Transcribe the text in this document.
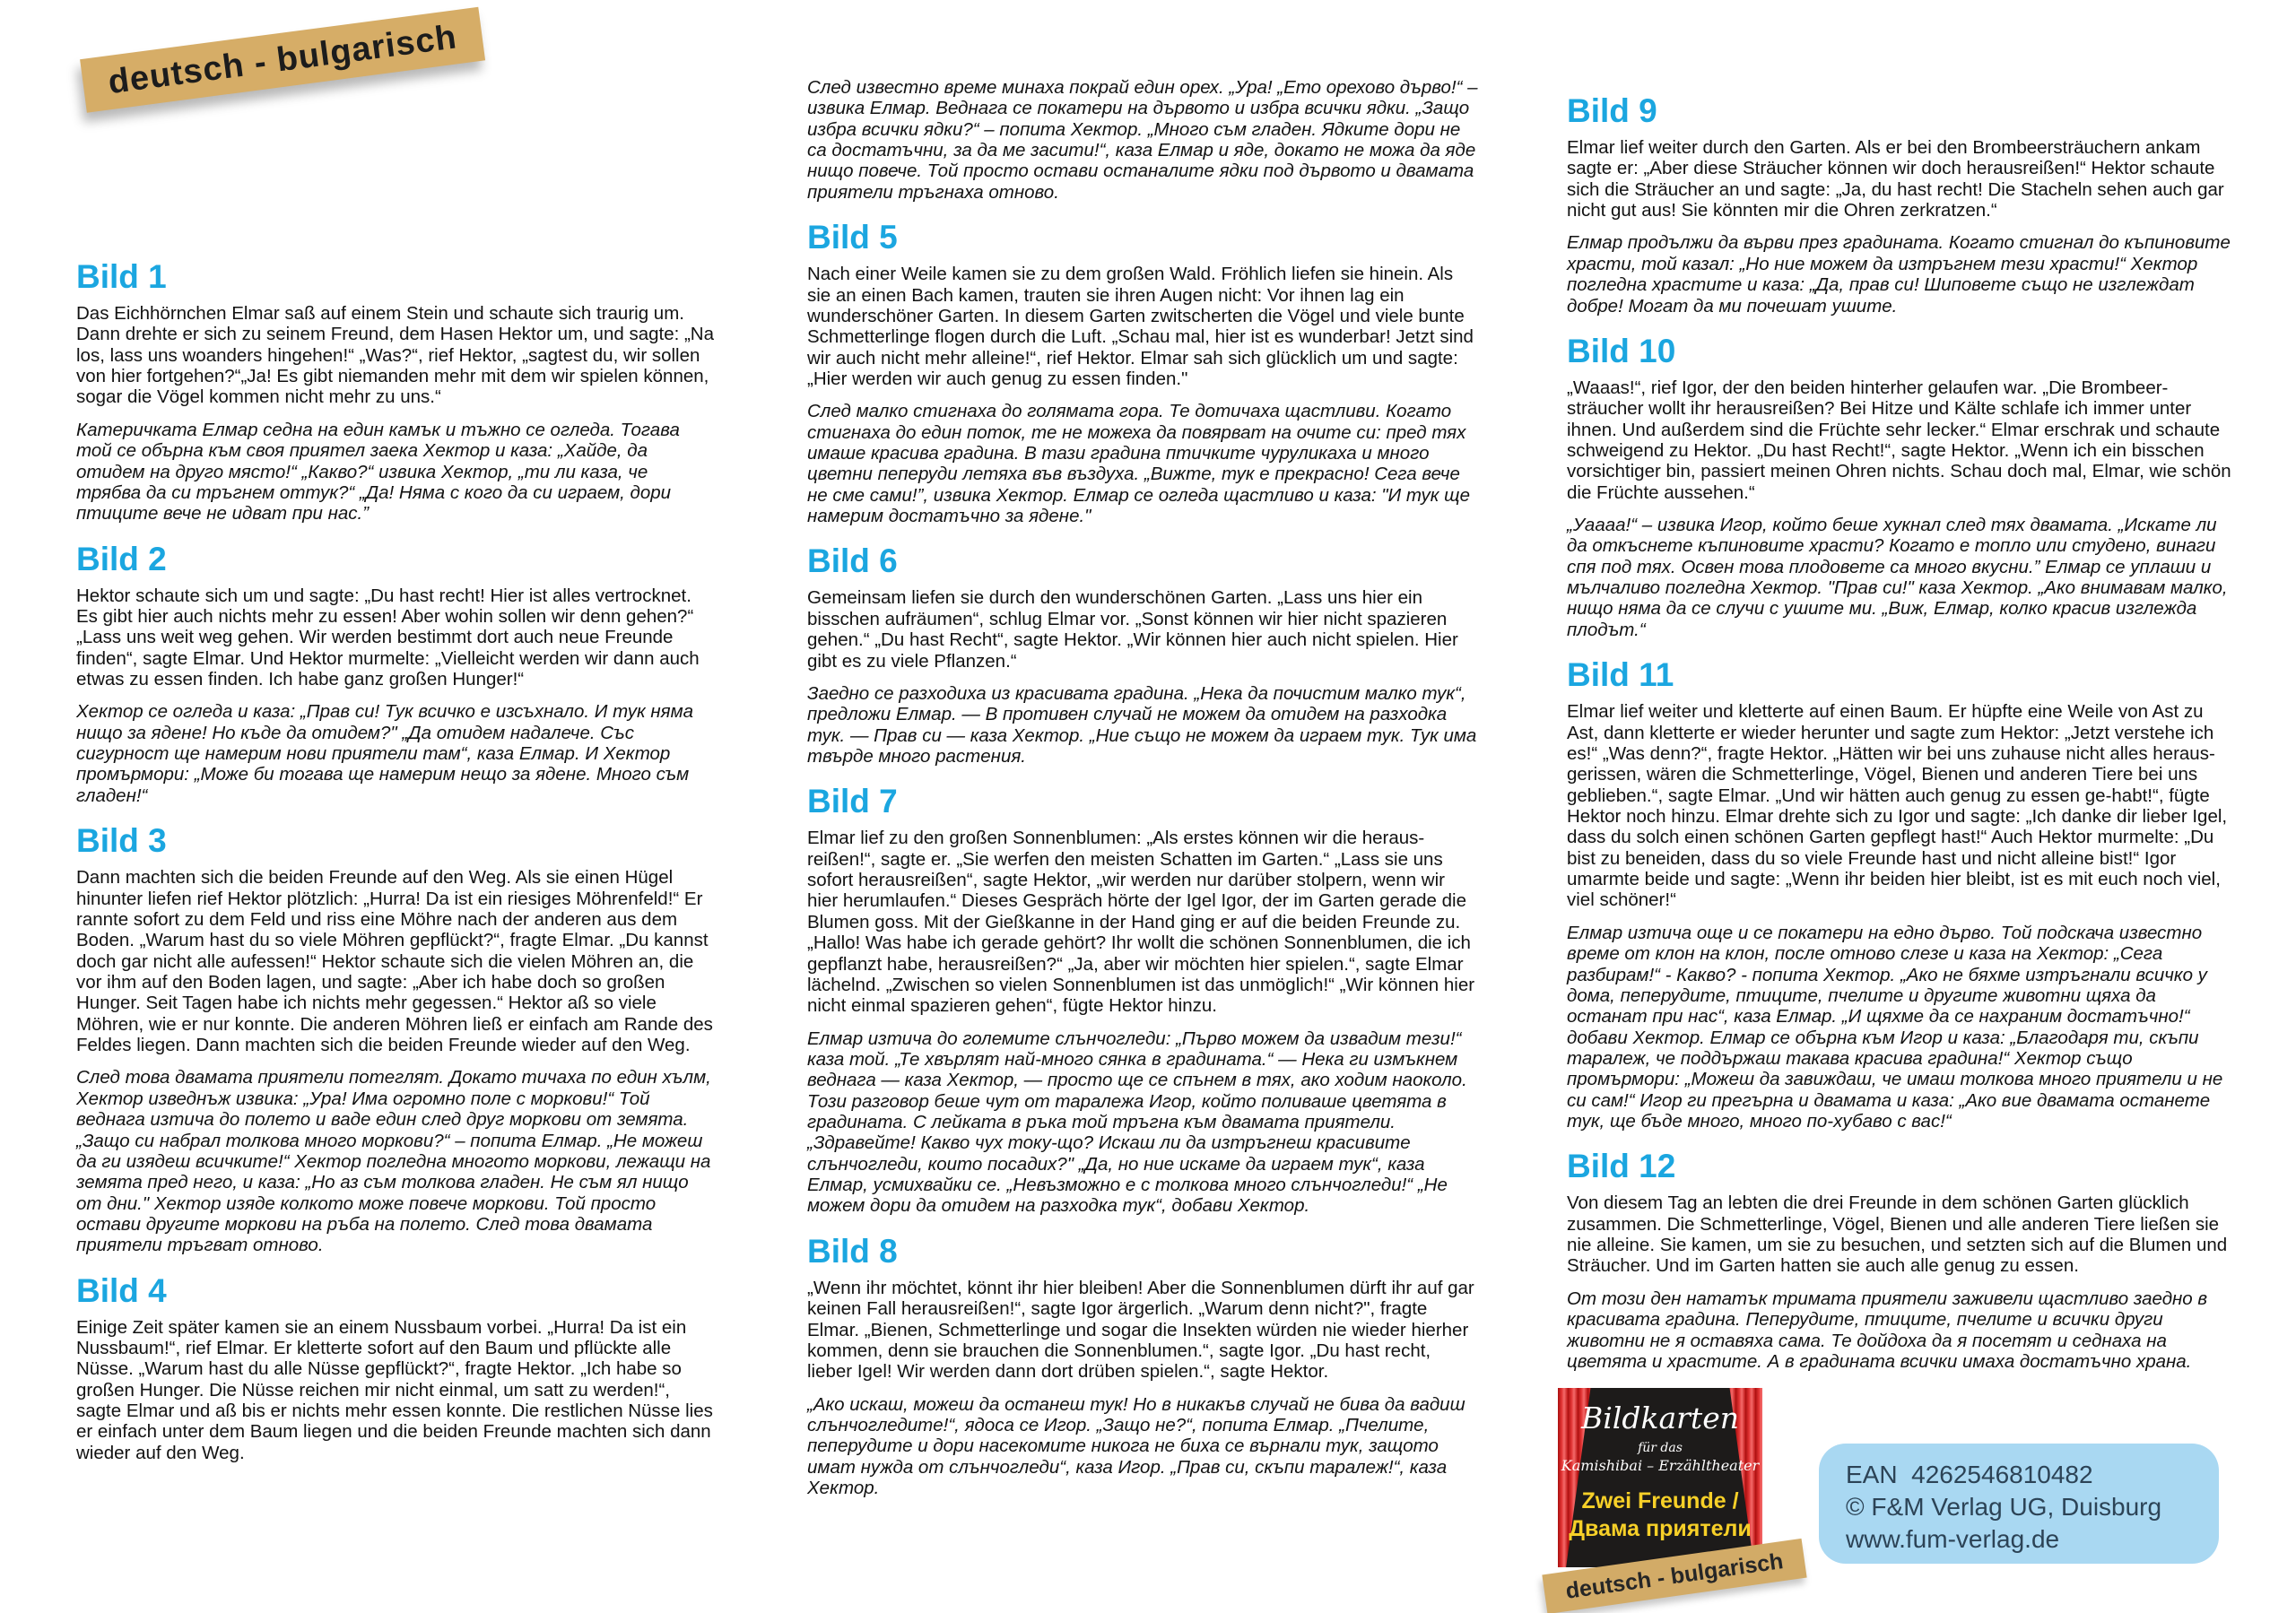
deutsch - bulgarisch
Bild 1

Das Eichhörnchen Elmar saß auf einem Stein und schaute sich traurig um. Dann drehte er sich zu seinem Freund, dem Hasen Hektor um, und sagte: „Na los, lass uns woanders hingehen!“ „Was?“, rief Hektor, „sagtest du, wir sollen von hier fortgehen?“„Ja! Es gibt niemanden mehr mit dem wir spielen können, sogar die Vögel kommen nicht mehr zu uns.“

Катеричката Елмар седна на един камък и тъжно се огледа. Тогава той се обърна към своя приятел заека Хектор и каза: „Хайде, да отидем на друго място!“ „Какво?“ извика Хектор, „ти ли каза, че трябва да си тръгнем оттук?“ „Да! Няма с кого да си играем, дори птиците вече не идват при нас.”

Bild 2

Hektor schaute sich um und sagte: „Du hast recht! Hier ist alles vertrocknet. Es gibt hier auch nichts mehr zu essen! Aber wohin sollen wir denn gehen?“ „Lass uns weit weg gehen. Wir werden bestimmt dort auch neue Freunde finden“, sagte Elmar. Und Hektor murmelte: „Vielleicht werden wir dann auch etwas zu essen finden. Ich habe ganz großen Hunger!“

Хектор се огледа и каза: „Прав си! Тук всичко е изсъхнало. И тук няма нищо за ядене! Но къде да отидем?" „Да отидем надалече. Със сигурност ще намерим нови приятели там“, каза Елмар. И Хектор промърмори: „Може би тогава ще намерим нещо за ядене. Много съм гладен!“

Bild 3

Dann machten sich die beiden Freunde auf den Weg. Als sie einen Hügel hinunter liefen rief Hektor plötzlich: „Hurra! Da ist ein riesiges Möhrenfeld!“ Er rannte sofort zu dem Feld und riss eine Möhre nach der anderen aus dem Boden. „Warum hast du so viele Möhren gepflückt?“, fragte Elmar. „Du kannst doch gar nicht alle aufessen!“ Hektor schaute sich die vielen Möhren an, die vor ihm auf den Boden lagen, und sagte: „Aber ich habe doch so großen Hunger. Seit Tagen habe ich nichts mehr gegessen.“ Hektor aß so viele Möhren, wie er nur konnte. Die anderen Möhren ließ er einfach am Rande des Feldes liegen. Dann machten sich die beiden Freunde wieder auf den Weg.

След това двамата приятели потеглят. Докато тичаха по един хълм, Хектор изведнъж извика: „Ура! Има огромно поле с моркови!“ Той веднага изтича до полето и ваде един след друг моркови от земята. „Защо си набрал толкова много моркови?“ – попита Елмар. „Не можеш да ги изядеш всичките!“ Хектор погледна многото моркови, лежащи на земята пред него, и каза: „Но аз съм толкова гладен. Не съм ял нищо от дни." Хектор изяде колкото може повече моркови. Той просто остави другите моркови на ръба на полето. След това двамата приятели тръгват отново.

Bild 4

Einige Zeit später kamen sie an einem Nussbaum vorbei. „Hurra! Da ist ein Nussbaum!“, rief Elmar. Er kletterte sofort auf den Baum und pflückte alle Nüsse. „Warum hast du alle Nüsse gepflückt?“, fragte Hektor. „Ich habe so großen Hunger. Die Nüsse reichen mir nicht einmal, um satt zu werden!“, sagte Elmar und aß bis er nichts mehr essen konnte. Die restlichen Nüsse lies er einfach unter dem Baum liegen und die beiden Freunde machten sich dann wieder auf den Weg.

След известно време минаха покрай един орех. „Ура! „Ето орехово дърво!“ – извика Елмар. Веднага се покатери на дървото и избра всички ядки. „Защо избра всички ядки?“ – попита Хектор. „Много съм гладен. Ядките дори не са достатъчни, за да ме засити!“, каза Елмар и яде, докато не можа да яде нищо повече. Той просто остави останалите ядки под дървото и двамата приятели тръгнаха отново.

Bild 5

Nach einer Weile kamen sie zu dem großen Wald. Fröhlich liefen sie hinein. Als sie an einen Bach kamen, trauten sie ihren Augen nicht: Vor ihnen lag ein wunderschöner Garten. In diesem Garten zwitscherten die Vögel und viele bunte Schmetterlinge flogen durch die Luft. „Schau mal, hier ist es wunderbar! Jetzt sind wir auch nicht mehr alleine!“, rief Hektor. Elmar sah sich glücklich um und sagte: „Hier werden wir auch genug zu essen finden."

След малко стигнаха до голямата гора. Те дотичаха щастливи. Когато стигнаха до един поток, те не можеха да повярват на очите си: пред тях имаше красива градина. В тази градина птичките чуруликаха и много цветни пеперуди летяха във въздуха. „Вижте, тук е прекрасно! Сега вече не сме сами!”, извика Хектор. Елмар се огледа щастливо и каза: "И тук ще намерим достатъчно за ядене."

Bild 6

Gemeinsam liefen sie durch den wunderschönen Garten. „Lass uns hier ein bisschen aufräumen“, schlug Elmar vor. „Sonst können wir hier nicht spazieren gehen.“ „Du hast Recht“, sagte Hektor. „Wir können hier auch nicht spielen. Hier gibt es zu viele Pflanzen.“

Заедно се разходиха из красивата градина. „Нека да почистим малко тук“, предложи Елмар. — В противен случай не можем да отидем на разходка тук. — Прав си — каза Хектор. „Ние също не можем да играем тук. Тук има твърде много растения.

Bild 7

Elmar lief zu den großen Sonnenblumen: „Als erstes können wir die heraus-reißen!“, sagte er. „Sie werfen den meisten Schatten im Garten.“ „Lass sie uns sofort herausreißen“, sagte Hektor, „wir werden nur darüber stolpern, wenn wir hier herumlaufen.“ Dieses Gespräch hörte der Igel Igor, der im Garten gerade die Blumen goss. Mit der Gießkanne in der Hand ging er auf die beiden Freunde zu. „Hallo! Was habe ich gerade gehört? Ihr wollt die schönen Sonnenblumen, die ich gepflanzt habe, herausreißen?“ „Ja, aber wir möchten hier spielen.“, sagte Elmar lächelnd. „Zwischen so vielen Sonnenblumen ist das unmöglich!“ „Wir können hier nicht einmal spazieren gehen“, fügte Hektor hinzu.

Елмар изтича до големите слънчогледи: „Първо можем да извадим тези!“ каза той. „Те хвърлят най-много сянка в градината.“ — Нека ги измъкнем веднага — каза Хектор, — просто ще се спънем в тях, ако ходим наоколо. Този разговор беше чут от таралежа Игор, който поливаше цветята в градината. С лейката в ръка той тръгна към двамата приятели. „Здравейте! Какво чух току-що? Искаш ли да изтръгнеш красивите слънчогледи, които посадих?" „Да, но ние искаме да играем тук“, каза Елмар, усмихвайки се. „Невъзможно е с толкова много слънчогледи!“ „Не можем дори да отидем на разходка тук“, добави Хектор.

Bild 8

„Wenn ihr möchtet, könnt ihr hier bleiben! Aber die Sonnenblumen dürft ihr auf gar keinen Fall herausreißen!“, sagte Igor ärgerlich. „Warum denn nicht?", fragte Elmar. „Bienen, Schmetterlinge und sogar die Insekten würden nie wieder hierher kommen, denn sie brauchen die Sonnenblumen.“, sagte Igor. „Du hast recht, lieber Igel! Wir werden dann dort drüben spielen.“, sagte Hektor.

„Ако искаш, можеш да останеш тук! Но в никакъв случай не бива да вадиш слънчогледите!“, ядоса се Игор. „Защо не?“, попита Елмар. „Пчелите, пеперудите и дори насекомите никога не биха се върнали тук, защото имат нужда от слънчогледи“, каза Игор. „Прав си, скъпи таралеж!“, каза Хектор.

Bild 9

Elmar lief weiter durch den Garten. Als er bei den Brombeersträuchern ankam sagte er: „Aber diese Sträucher können wir doch herausreißen!“ Hektor schaute sich die Sträucher an und sagte: „Ja, du hast recht! Die Stacheln sehen auch gar nicht gut aus! Sie könnten mir die Ohren zerkratzen.“

Елмар продължи да върви през градината. Когато стигнал до къпиновите храсти, той казал: „Но ние можем да изтръгнем тези храсти!“ Хектор погледна храстите и каза: „Да, прав си! Шиповете също не изглеждат добре! Могат да ми почешат ушите.

Bild 10

„Waaas!“, rief Igor, der den beiden hinterher gelaufen war. „Die Brombeer-sträucher wollt ihr herausreißen? Bei Hitze und Kälte schlafe ich immer unter ihnen. Und außerdem sind die Früchte sehr lecker.“ Elmar erschrak und schaute schweigend zu Hektor. „Du hast Recht!“, sagte Hektor. „Wenn ich ein bisschen vorsichtiger bin, passiert meinen Ohren nichts. Schau doch mal, Elmar, wie schön die Früchte aussehen.“

„Уаааа!“ – извика Игор, който беше хукнал след тях двамата. „Искате ли да откъснете къпиновите храсти? Когато е топло или студено, винаги спя под тях. Освен това плодовете са много вкусни.” Елмар се уплаши и мълчаливо погледна Хектор. "Прав си!" каза Хектор. „Ако внимавам малко, нищо няма да се случи с ушите ми. „Виж, Елмар, колко красив изглежда плодът.“

Bild 11

Elmar lief weiter und kletterte auf einen Baum. Er hüpfte eine Weile von Ast zu Ast, dann kletterte er wieder herunter und sagte zum Hektor: „Jetzt verstehe ich es!“ „Was denn?“, fragte Hektor. „Hätten wir bei uns zuhause nicht alles heraus-gerissen, wären die Schmetterlinge, Vögel, Bienen und anderen Tiere bei uns geblieben.“, sagte Elmar. „Und wir hätten auch genug zu essen ge-habt!“, fügte Hektor noch hinzu. Elmar drehte sich zu Igor und sagte: „Ich danke dir lieber Igel, dass du solch einen schönen Garten gepflegt hast!“ Auch Hektor murmelte: „Du bist zu beneiden, dass du so viele Freunde hast und nicht alleine bist!“ Igor umarmte beide und sagte: „Wenn ihr beiden hier bleibt, ist es mit euch noch viel, viel schöner!“

Елмар изтича още и се покатери на едно дърво. Той подскача известно време от клон на клон, после отново слезе и каза на Хектор: „Сега разбирам!“ - Какво? - попита Хектор. „Ако не бяхме изтръгнали всичко у дома, пеперудите, птиците, пчелите и другите животни щяха да останат при нас“, каза Елмар. „И щяхме да се нахраним достатъчно!“ добави Хектор. Елмар се обърна към Игор и каза: „Благодаря ти, скъпи таралеж, че поддържаш такава красива градина!“ Хектор също промърмори: „Можеш да завиждаш, че имаш толкова много приятели и не си сам!“ Игор ги прегърна и двамата и каза: „Ако вие двамата останете тук, ще бъде много, много по-хубаво с вас!“

Bild 12

Von diesem Tag an lebten die drei Freunde in dem schönen Garten glücklich zusammen. Die Schmetterlinge, Vögel, Bienen und alle anderen Tiere ließen sie nie alleine. Sie kamen, um sie zu besuchen, und setzten sich auf die Blumen und Sträucher. Und im Garten hatten sie auch alle genug zu essen.

От този ден нататък тримата приятели заживели щастливо заедно в красивата градина. Пеперудите, птиците, пчелите и всички други животни не я оставяха сама. Те дойдоха да я посетят и седнаха на цветята и храстите. А в градината всички имаха достатъчно храна.

Bildkarten
für das
Kamishibai – Erzähltheater
Zwei Freunde /
Двама приятели
deutsch - bulgarisch
EAN  4262546810482
© F&M Verlag UG, Duisburg
www.fum-verlag.de
